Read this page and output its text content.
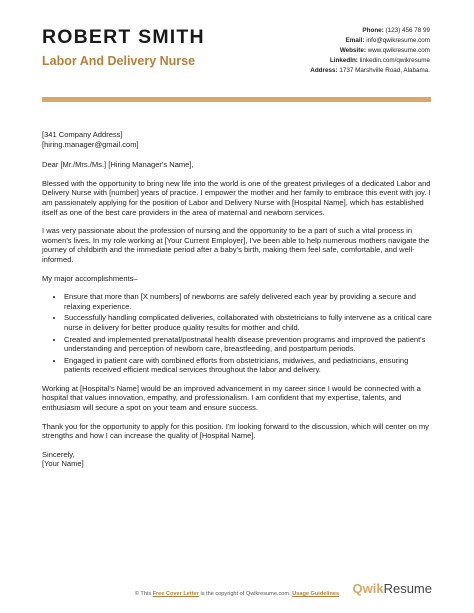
ROBERT SMITH
Labor And Delivery Nurse
Phone: (123) 456 78 99
Email: info@qwikresume.com
Website: www.qwikresume.com
LinkedIn: linkedin.com/qwikresume
Address: 1737 Marshville Road, Alabama.

[341 Company Address]

[hiring.manager@gmail.com]

Dear [Mr./Mrs./Ms.] [Hiring Manager's Name],

Blessed with the opportunity to bring new life into the world is one of the greatest privileges of a dedicated Labor and Delivery Nurse with [number] years of practice. I empower the mother and her family to embrace this event with joy. I am passionately applying for the position of Labor and Delivery Nurse with [Hospital Name], which has established itself as one of the best care providers in the area of maternal and newborn services.

I was very passionate about the profession of nursing and the opportunity to be a part of such a vital process in women's lives. In my role working at [Your Current Employer], I've been able to help numerous mothers navigate the journey of childbirth and the immediate period after a baby's birth, making them feel safe, comfortable, and well-informed.

My major accomplishments–

• Ensure that more than [X numbers] of newborns are safely delivered each year by providing a secure and relaxing experience.
• Successfully handling complicated deliveries, collaborated with obstetricians to fully intervene as a critical care nurse in delivery for better produce quality results for mother and child.
• Created and implemented prenatal/postnatal health disease prevention programs and improved the patient's understanding and perception of newborn care, breastfeeding, and postpartum periods.
• Engaged in patient care with combined efforts from obstetricians, midwives, and pediatricians, ensuring patients received efficient medical services throughout the labor and delivery.

Working at [Hospital's Name] would be an improved advancement in my career since I would be connected with a hospital that values innovation, empathy, and professionalism. I am confident that my expertise, talents, and enthusiasm will secure a spot on your team and ensure success.

Thank you for the opportunity to apply for this position. I'm looking forward to the discussion, which will center on my strengths and how I can increase the quality of [Hospital Name].

Sincerely,

[Your Name]

© This Free Cover Letter is the copyright of Qwikresume.com. Usage Guidelines	QwikResume
